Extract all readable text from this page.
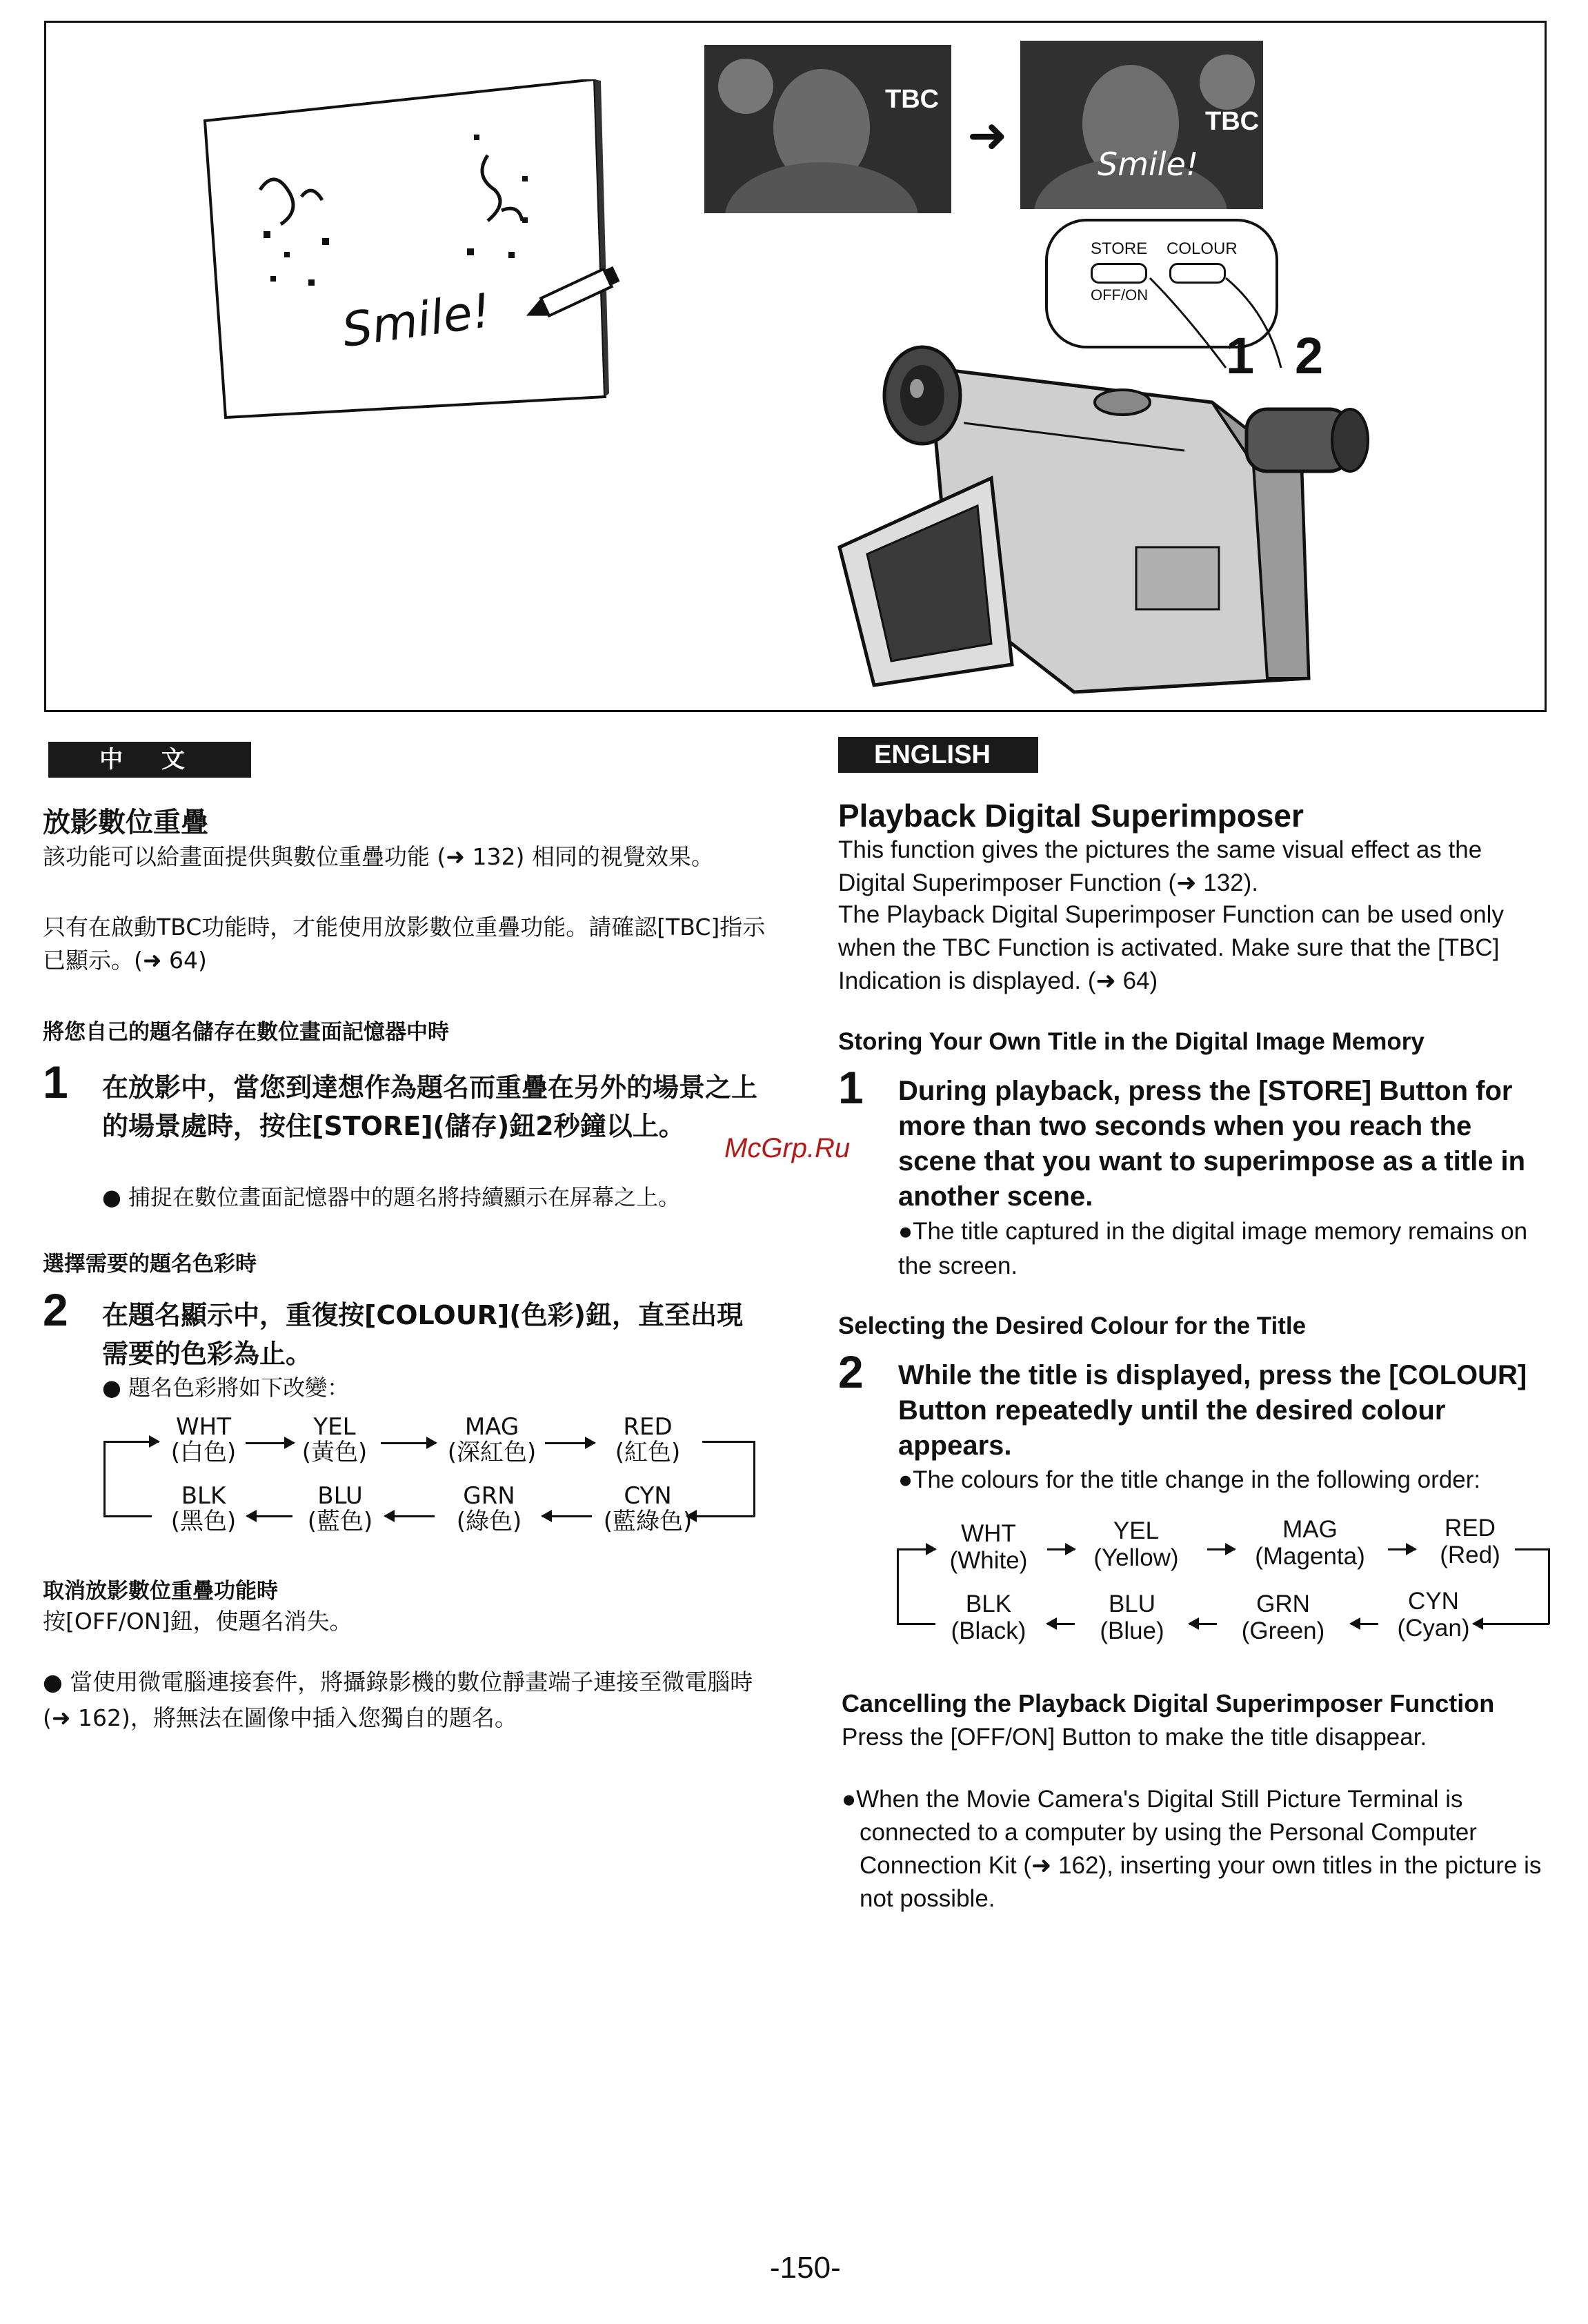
Smile!
TBC
➜	TBC
Smile!
STORE
OFF/ON
COLOUR
1 2
中 文	ENGLISH
放影數位重疊
該功能可以給畫面提供與數位重疊功能 (➜ 132) 相同的視覺效果。
只有在啟動TBC功能時，才能使用放影數位重疊功能。請確認[TBC]指示已顯示。(➜ 64)
將您自己的題名儲存在數位畫面記憶器中時
1 在放影中，當您到達想作為題名而重疊在另外的場景之上的場景處時，按住[STORE](儲存)鈕2秒鐘以上。
● 捕捉在數位畫面記憶器中的題名將持續顯示在屏幕之上。
選擇需要的題名色彩時
2 在題名顯示中，重復按[COLOUR](色彩)鈕，直至出現需要的色彩為止。
● 題名色彩將如下改變：
WHT
(白色)
YEL
(黃色)
MAG
(深紅色)
RED
(紅色)
BLK
(黑色)
BLU
(藍色)
GRN
(綠色)
CYN
(藍綠色)
取消放影數位重疊功能時
按[OFF/ON]鈕，使題名消失。
● 當使用微電腦連接套件，將攝錄影機的數位靜畫端子連接至微電腦時 (➜ 162)，將無法在圖像中插入您獨自的題名。
McGrp.Ru
Playback Digital Superimposer
This function gives the pictures the same visual effect as the Digital Superimposer Function (➜ 132).
The Playback Digital Superimposer Function can be used only when the TBC Function is activated. Make sure that the [TBC] Indication is displayed. (➜ 64)
Storing Your Own Title in the Digital Image Memory
1 During playback, press the [STORE] Button for more than two seconds when you reach the scene that you want to superimpose as a title in another scene.
●The title captured in the digital image memory remains on the screen.
Selecting the Desired Colour for the Title
2 While the title is displayed, press the [COLOUR] Button repeatedly until the desired colour appears.
●The colours for the title change in the following order:
WHT
(White)
YEL
(Yellow)
MAG
(Magenta)
RED
(Red)
BLK
(Black)
BLU
(Blue)
GRN
(Green)
CYN
(Cyan)
Cancelling the Playback Digital Superimposer Function
Press the [OFF/ON] Button to make the title disappear.
●When the Movie Camera's Digital Still Picture Terminal is connected to a computer by using the Personal Computer Connection Kit (➜ 162), inserting your own titles in the picture is not possible.
-150-
